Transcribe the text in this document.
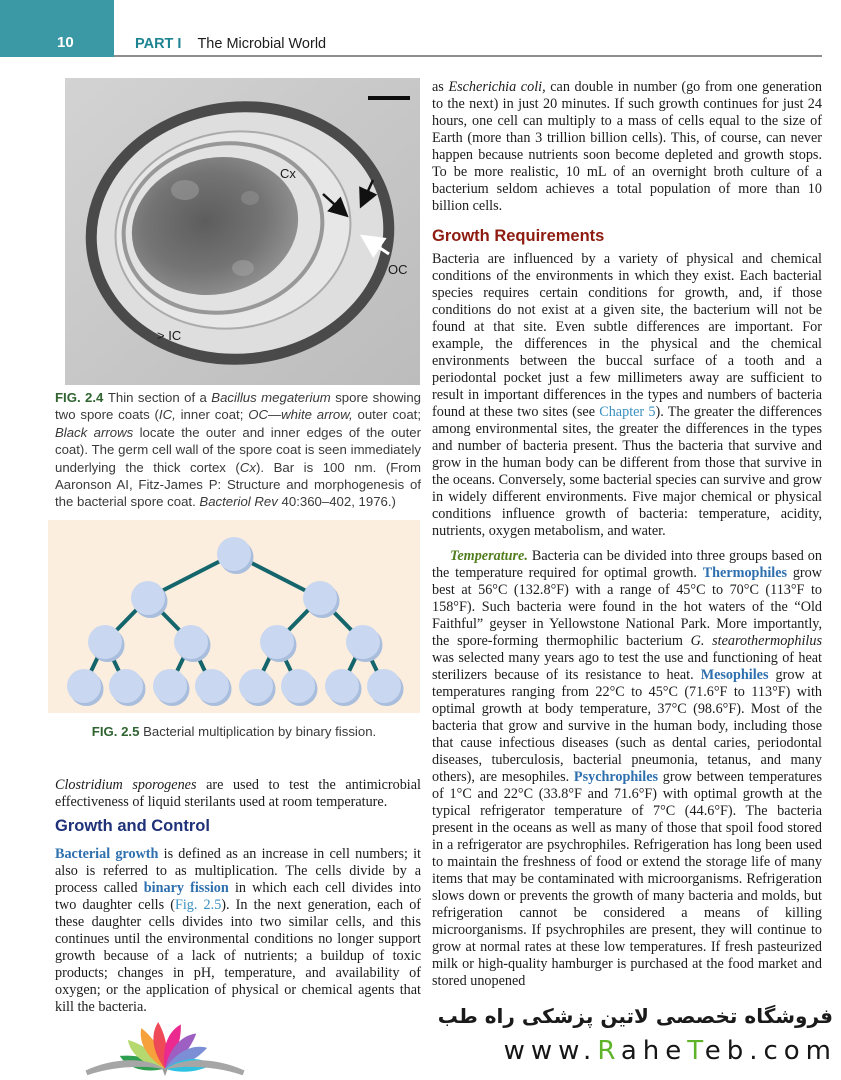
10	PART I The Microbial World
Cx
OC
> IC
FIG. 2.4 Thin section of a Bacillus megaterium spore showing two spore coats (IC, inner coat; OC—white arrow, outer coat; Black arrows locate the outer and inner edges of the outer coat). The germ cell wall of the spore coat is seen immediately underlying the thick cortex (Cx). Bar is 100 nm. (From Aaronson AI, Fitz-James P: Structure and morphogenesis of the bacterial spore coat. Bacteriol Rev 40:360–402, 1976.)
FIG. 2.5 Bacterial multiplication by binary fission.
Clostridium sporogenes are used to test the antimicrobial effectiveness of liquid sterilants used at room temperature.
Growth and Control
Bacterial growth is defined as an increase in cell numbers; it also is referred to as multiplication. The cells divide by a process called binary fission in which each cell divides into two daughter cells (Fig. 2.5). In the next generation, each of these daughter cells divides into two similar cells, and this continues until the environmental conditions no longer support growth because of a lack of nutrients; a buildup of toxic products; changes in pH, temperature, and availability of oxygen; or the application of physical or chemical agents that kill the bacteria.
as Escherichia coli, can double in number (go from one generation to the next) in just 20 minutes. If such growth continues for just 24 hours, one cell can multiply to a mass of cells equal to the size of Earth (more than 3 trillion billion cells). This, of course, can never happen because nutrients soon become depleted and growth stops. To be more realistic, 10 mL of an overnight broth culture of a bacterium seldom achieves a total population of more than 10 billion cells.
Growth Requirements
Bacteria are influenced by a variety of physical and chemical conditions of the environments in which they exist. Each bacterial species requires certain conditions for growth, and, if those conditions do not exist at a given site, the bacterium will not be found at that site. Even subtle differences are important. For example, the differences in the physical and the chemical environments between the buccal surface of a tooth and a periodontal pocket just a few millimeters away are sufficient to result in important differences in the types and numbers of bacteria found at these two sites (see Chapter 5). The greater the differences among environmental sites, the greater the differences in the types and number of bacteria present. Thus the bacteria that survive and grow in the human body can be different from those that survive in the oceans. Conversely, some bacterial species can survive and grow in widely different environments. Five major chemical or physical conditions influence growth of bacteria: temperature, acidity, nutrients, oxygen metabolism, and water.
Temperature. Bacteria can be divided into three groups based on the temperature required for optimal growth. Thermophiles grow best at 56°C (132.8°F) with a range of 45°C to 70°C (113°F to 158°F). Such bacteria were found in the hot waters of the “Old Faithful” geyser in Yellowstone National Park. More importantly, the spore-forming thermophilic bacterium G. stearothermophilus was selected many years ago to test the use and functioning of heat sterilizers because of its resistance to heat. Mesophiles grow at temperatures ranging from 22°C to 45°C (71.6°F to 113°F) with optimal growth at body temperature, 37°C (98.6°F). Most of the bacteria that grow and survive in the human body, including those that cause infectious diseases (such as dental caries, periodontal diseases, tuberculosis, bacterial pneumonia, tetanus, and many others), are mesophiles. Psychrophiles grow between temperatures of 1°C and 22°C (33.8°F and 71.6°F) with optimal growth at the typical refrigerator temperature of 7°C (44.6°F). The bacteria present in the oceans as well as many of those that spoil food stored in a refrigerator are psychrophiles. Refrigeration has long been used to maintain the freshness of food or extend the storage life of many items that may be contaminated with microorganisms. Refrigeration slows down or prevents the growth of many bacteria and molds, but refrigeration cannot be considered a means of killing microorganisms. If psychrophiles are present, they will continue to grow at normal rates at these low temperatures. If fresh pasteurized milk or high-quality hamburger is purchased at the food market and stored unopened
فروشگاه تخصصی لاتین پزشکی راه طب
www.RaheTeb.com
